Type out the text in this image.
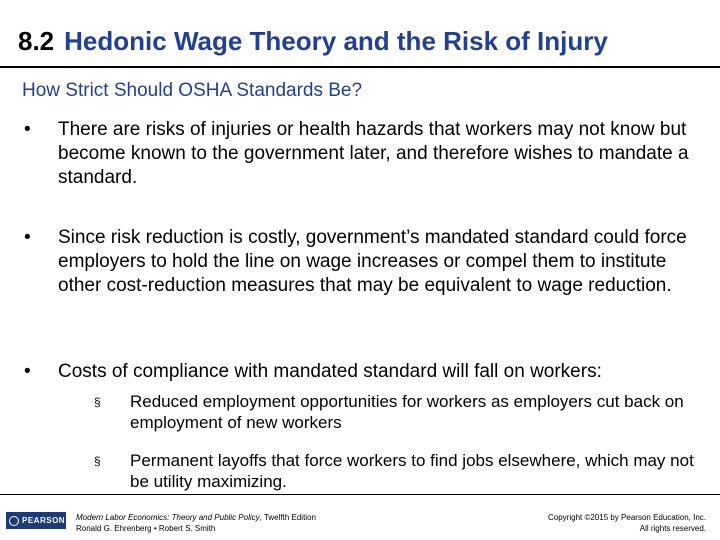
8.2 Hedonic Wage Theory and the Risk of Injury
How Strict Should OSHA Standards Be?
• There are risks of injuries or health hazards that workers may not know but become known to the government later, and therefore wishes to mandate a standard.
• Since risk reduction is costly, government’s mandated standard could force employers to hold the line on wage increases or compel them to institute other cost-reduction measures that may be equivalent to wage reduction.
• Costs of compliance with mandated standard will fall on workers:
§ Reduced employment opportunities for workers as employers cut back on employment of new workers
§ Permanent layoffs that force workers to find jobs elsewhere, which may not be utility maximizing.
PEARSON Modern Labor Economics: Theory and Public Policy, Twelfth Edition
Ronald G. Ehrenberg • Robert S. Smith
Copyright ©2015 by Pearson Education, Inc.
All rights reserved.
